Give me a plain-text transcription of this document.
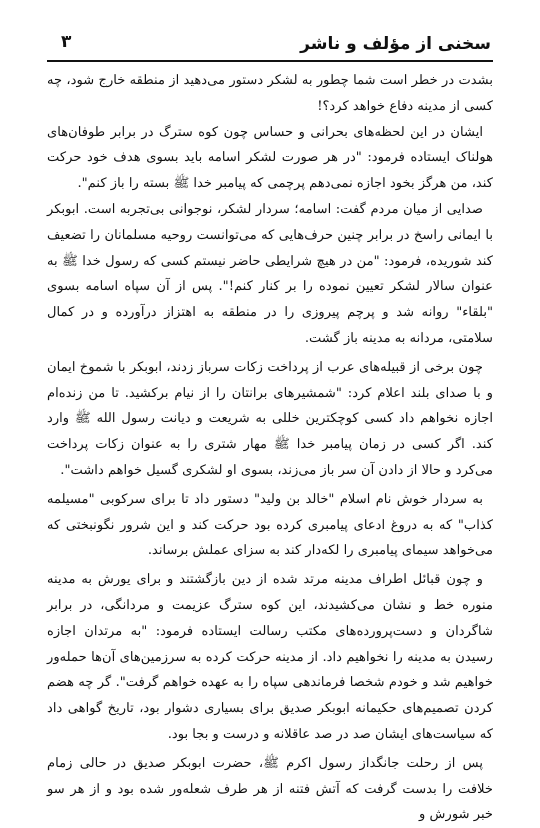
سخنی از مؤلف و ناشر
۳

بشدت در خطر است شما چطور به لشکر دستور می‌دهید از منطقه خارج شود، چه کسی از مدینه دفاع خواهد کرد؟!

ایشان در این لحظه‌های بحرانی و حساس چون کوه سترگ در برابر طوفان‌های هولناک ایستاده فرمود: "در هر صورت لشکر اسامه باید بسوی هدف خود حرکت کند، من هرگز بخود اجازه نمی‌دهم پرچمی که پیامبر خدا ﷺ بسته را باز کنم".

صدایی از میان مردم گفت: اسامه؛ سردار لشکر، نوجوانی بی‌تجربه است. ابوبکر با ایمانی راسخ در برابر چنین حرف‌هایی که می‌توانست روحیه مسلمانان را تضعیف کند شوریده، فرمود: "من در هیچ شرایطی حاضر نیستم کسی که رسول خدا ﷺ به عنوان سالار لشکر تعیین نموده را بر کنار کنم!". پس از آن سپاه اسامه بسوی "بلقاء" روانه شد و پرچم پیروزی را در منطقه به اهتزاز درآورده و در کمال سلامتی، مردانه به مدینه باز گشت.

چون برخی از قبیله‌های عرب از پرداخت زکات سرباز زدند، ابوبکر با شموخ ایمان و با صدای بلند اعلام کرد: "شمشیرهای برانتان را از نیام برکشید. تا من زنده‌ام اجازه نخواهم داد کسی کوچکترین خللی به شریعت و دیانت رسول الله ﷺ وارد کند. اگر کسی در زمان پیامبر خدا ﷺ مهار شتری را به عنوان زکات پرداخت می‌کرد و حالا از دادن آن سر باز می‌زند، بسوی او لشکری گسیل خواهم داشت".

به سردار خوش نام اسلام "خالد بن ولید" دستور داد تا برای سرکوبی "مسیلمه کذاب" که به دروغ ادعای پیامبری کرده بود حرکت کند و این شرور نگونبختی که می‌خواهد سیمای پیامبری را لکه‌دار کند به سزای عملش برساند.

و چون قبائل اطراف مدینه مرتد شده از دین بازگشتند و برای یورش به مدینه منوره خط و نشان می‌کشیدند، این کوه سترگ عزیمت و مردانگی، در برابر شاگردان و دست‌پرورده‌های مکتب رسالت ایستاده فرمود: "به مرتدان اجازه رسیدن به مدینه را نخواهیم داد. از مدینه حرکت کرده به سرزمین‌های آن‌ها حمله‌ور خواهیم شد و خودم شخصا فرماندهی سپاه را به عهده خواهم گرفت". گر چه هضم کردن تصمیم‌های حکیمانه ابوبکر صدیق برای بسیاری دشوار بود، تاریخ گواهی داد که سیاست‌های ایشان صد در صد عاقلانه و درست و بجا بود.

پس از رحلت جانگداز رسول اکرم ﷺ، حضرت ابوبکر صدیق در حالی زمام خلافت را بدست گرفت که آتش فتنه از هر طرف شعله‌ور شده بود و از هر سو خبر شورش و
